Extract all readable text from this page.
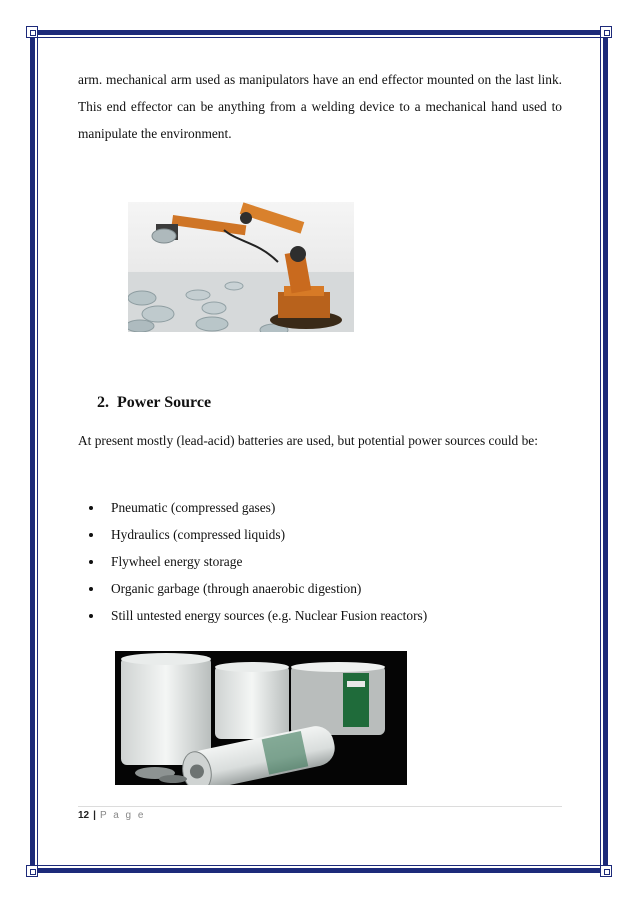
arm. mechanical arm used as manipulators have an end effector mounted on the last link. This end effector can be anything from a welding device to a mechanical hand used to manipulate the environment.

2. Power Source

At present mostly (lead-acid) batteries are used, but potential power sources could be:

Pneumatic (compressed gases)
Hydraulics (compressed liquids)
Flywheel energy storage
Organic garbage (through anaerobic digestion)
Still untested energy sources (e.g. Nuclear Fusion reactors)
12 | P a g e
